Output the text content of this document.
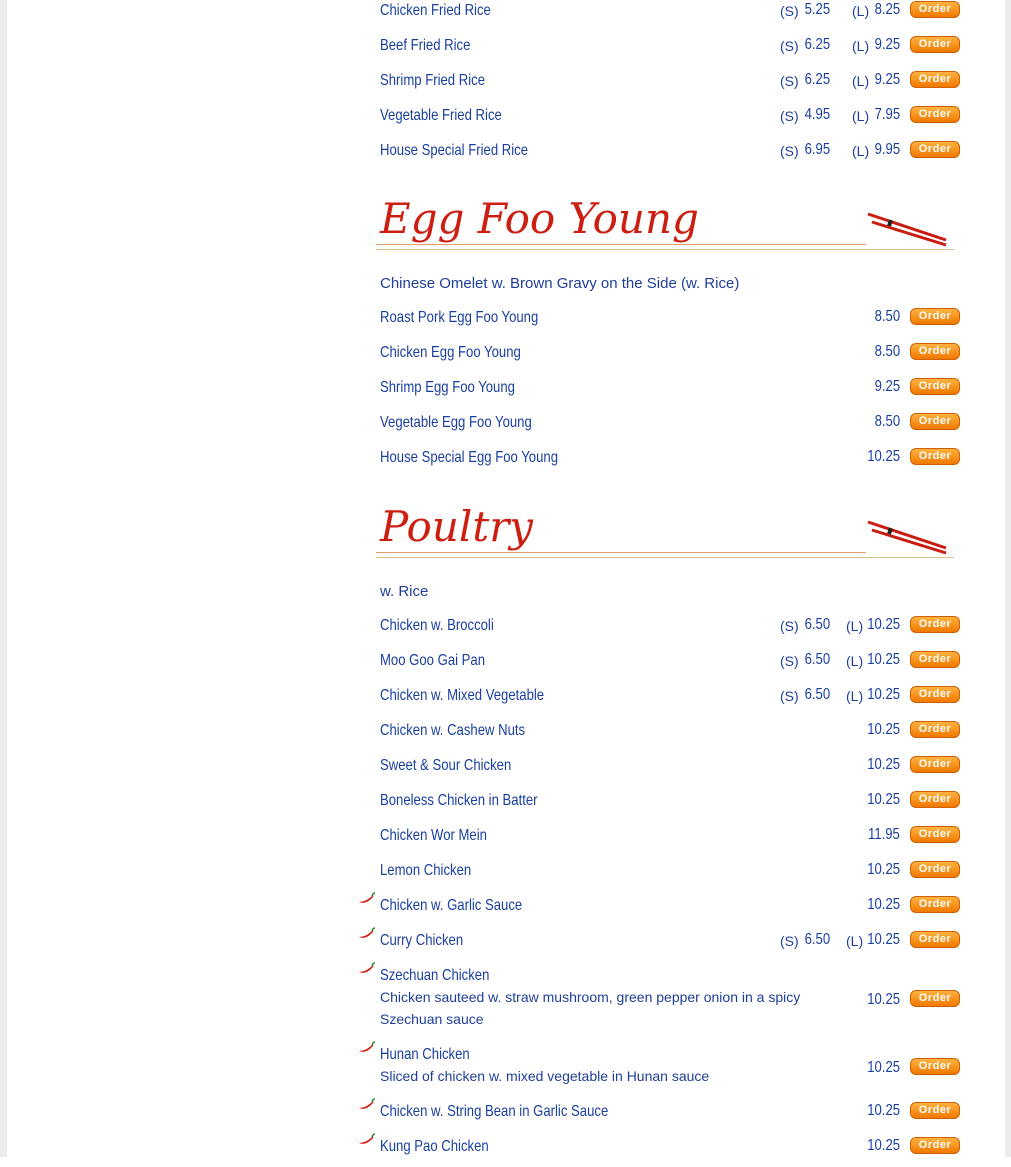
Chicken Fried Rice	(S) 5.25 (L) 8.25	Order
Beef Fried Rice	(S) 6.25 (L) 9.25	Order
Shrimp Fried Rice	(S) 6.25 (L) 9.25	Order
Vegetable Fried Rice	(S) 4.95 (L) 7.95	Order
House Special Fried Rice	(S) 6.95 (L) 9.95	Order
Egg Foo Young
Chinese Omelet w. Brown Gravy on the Side (w. Rice)
Roast Pork Egg Foo Young	8.50	Order
Chicken Egg Foo Young	8.50	Order
Shrimp Egg Foo Young	9.25	Order
Vegetable Egg Foo Young	8.50	Order
House Special Egg Foo Young	10.25	Order
Poultry
w. Rice
Chicken w. Broccoli	(S) 6.50 (L) 10.25	Order
Moo Goo Gai Pan	(S) 6.50 (L) 10.25	Order
Chicken w. Mixed Vegetable	(S) 6.50 (L) 10.25	Order
Chicken w. Cashew Nuts	10.25	Order
Sweet & Sour Chicken	10.25	Order
Boneless Chicken in Batter	10.25	Order
Chicken Wor Mein	11.95	Order
Lemon Chicken	10.25	Order
Chicken w. Garlic Sauce	10.25	Order
Curry Chicken	(S) 6.50 (L) 10.25	Order
Szechuan Chicken
Chicken sauteed w. straw mushroom, green pepper onion in a spicy Szechuan sauce
10.25	Order
Hunan Chicken
Sliced of chicken w. mixed vegetable in Hunan sauce	10.25	Order
Chicken w. String Bean in Garlic Sauce	10.25	Order
Kung Pao Chicken	10.25	Order
